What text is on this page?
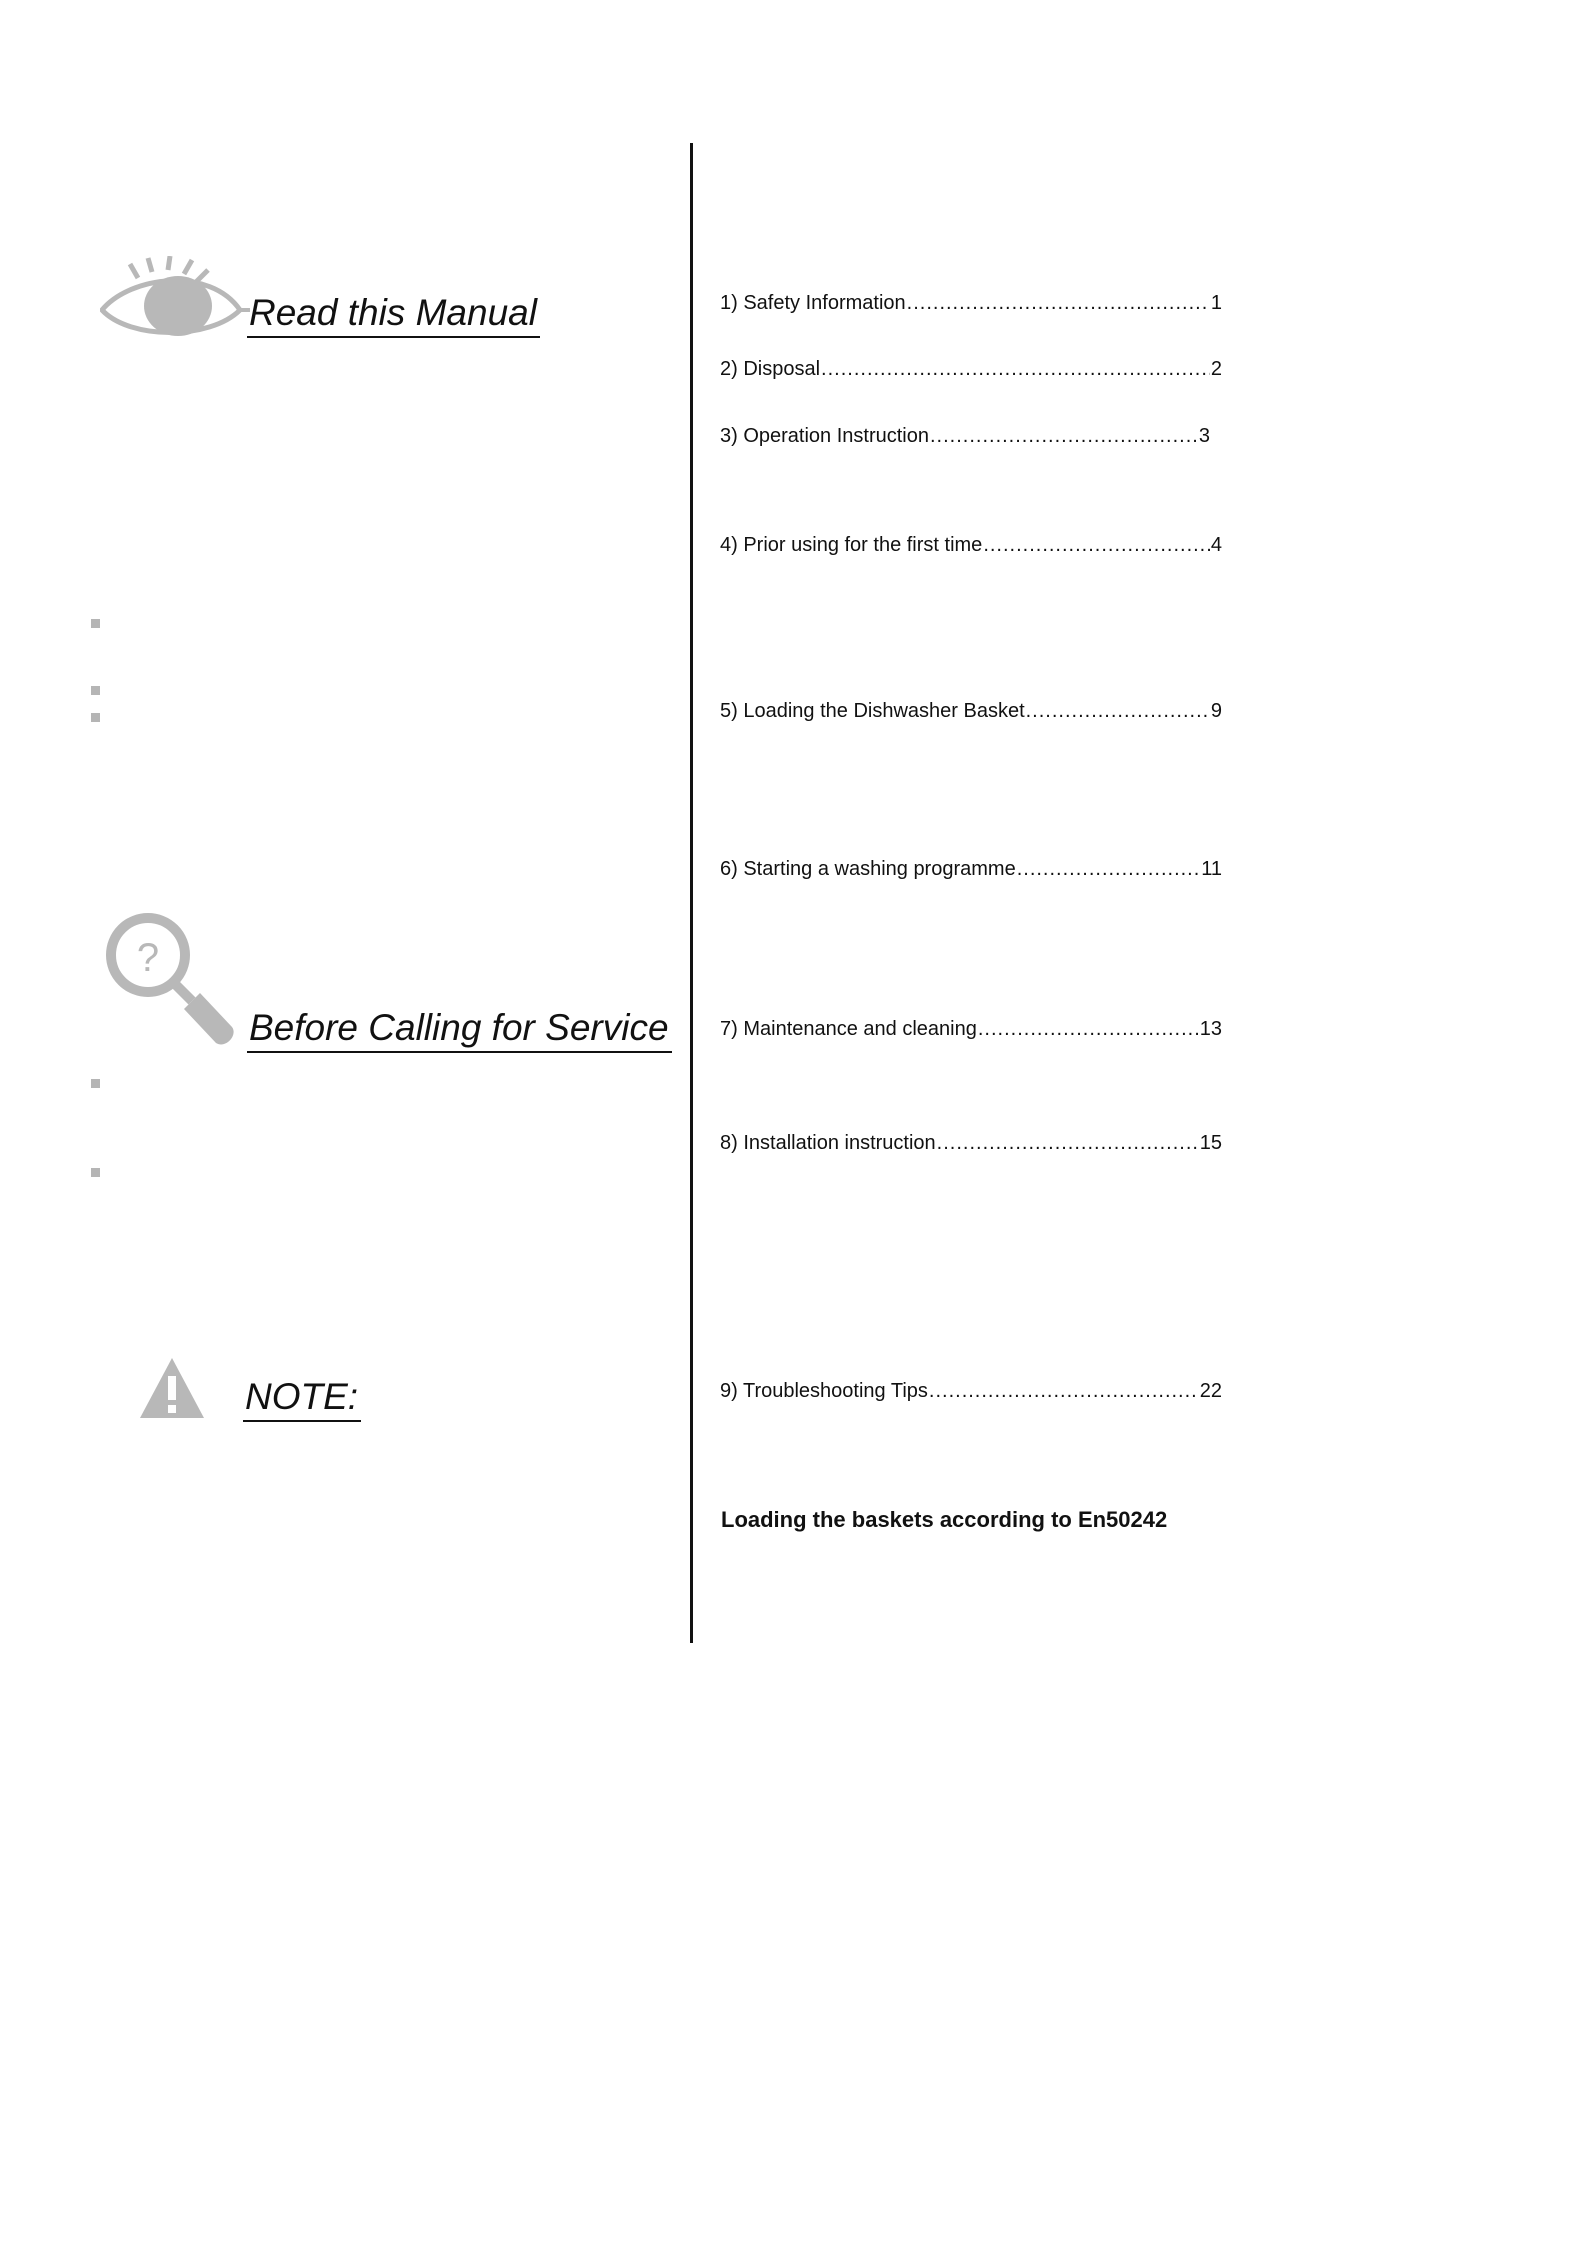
Read this Manual
?
Before Calling for Service
NOTE:
1) Safety Information .....	1
2) Disposal .....	2
3) Operation Instruction .....	3
4) Prior using for the first time .....	4
5) Loading the Dishwasher Basket .....	9
6) Starting a washing programme .....	11
7) Maintenance and cleaning .....	13
8) Installation instruction .....	15
9) Troubleshooting Tips .....	22
Loading the baskets according to En50242
